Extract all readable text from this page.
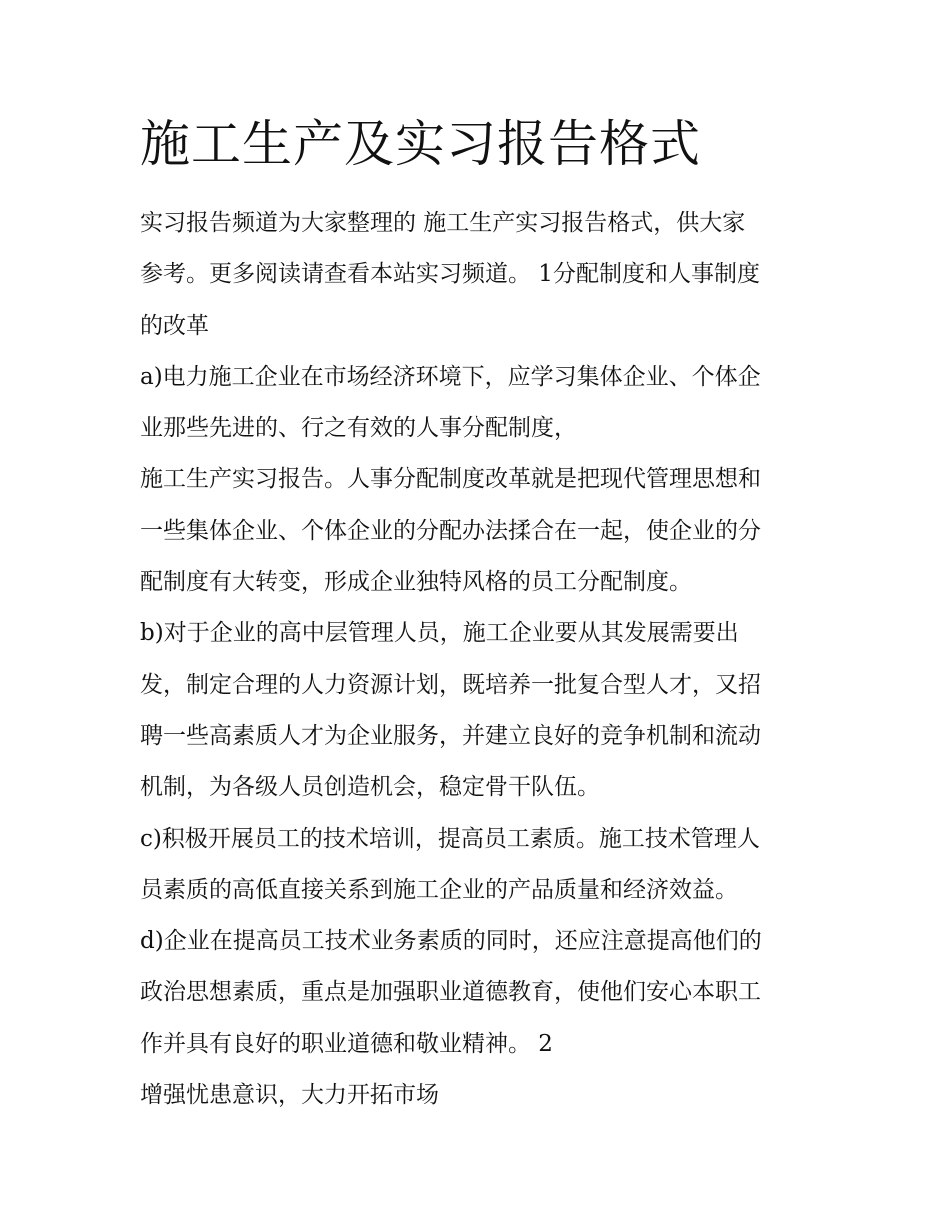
施工生产及实习报告格式
实习报告频道为大家整理的 施工生产实习报告格式，供大家
参考。更多阅读请查看本站实习频道。 1分配制度和人事制度
的改革
a)电力施工企业在市场经济环境下，应学习集体企业、个体企
业那些先进的、行之有效的人事分配制度，
施工生产实习报告。人事分配制度改革就是把现代管理思想和
一些集体企业、个体企业的分配办法揉合在一起，使企业的分
配制度有大转变，形成企业独特风格的员工分配制度。
b)对于企业的高中层管理人员，施工企业要从其发展需要出
发，制定合理的人力资源计划，既培养一批复合型人才，又招
聘一些高素质人才为企业服务，并建立良好的竞争机制和流动
机制，为各级人员创造机会，稳定骨干队伍。
c)积极开展员工的技术培训，提高员工素质。施工技术管理人
员素质的高低直接关系到施工企业的产品质量和经济效益。
d)企业在提高员工技术业务素质的同时，还应注意提高他们的
政治思想素质，重点是加强职业道德教育，使他们安心本职工
作并具有良好的职业道德和敬业精神。 2
增强忧患意识，大力开拓市场
